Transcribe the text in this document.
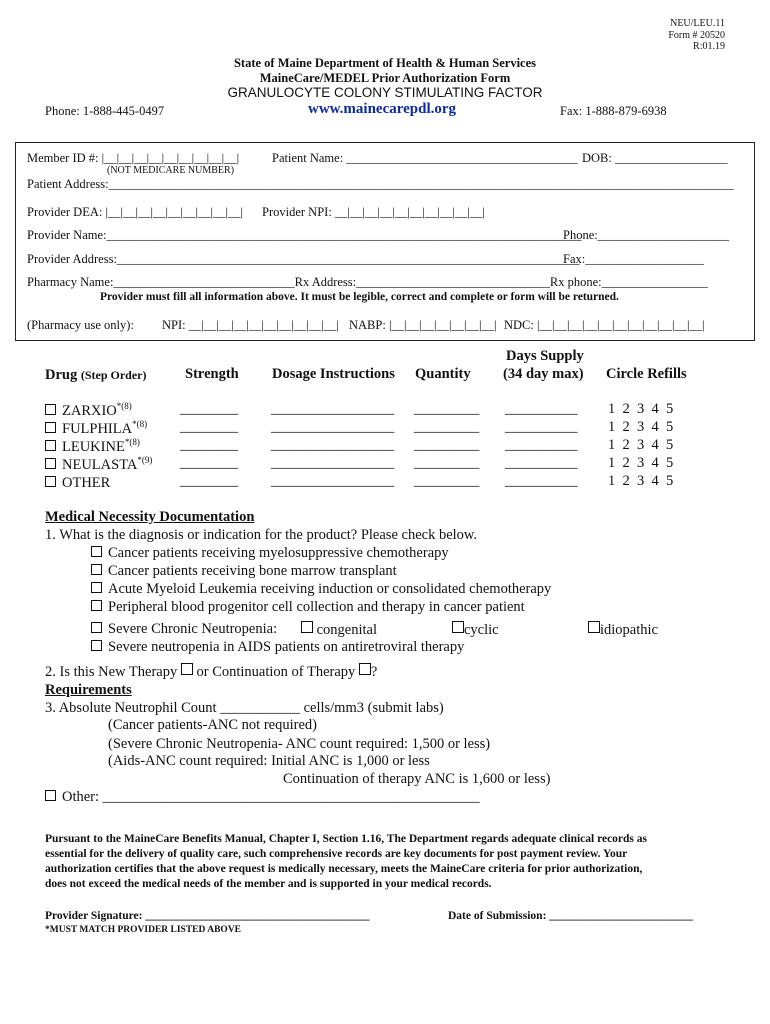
NEU/LEU.11
Form # 20520
R:01.19
State of Maine Department of Health & Human Services
MaineCare/MEDEL Prior Authorization Form
GRANULOCYTE COLONY STIMULATING FACTOR
Phone: 1-888-445-0497	www.mainecarepdl.org	Fax: 1-888-879-6938
Member ID #: |__|__|__|__|__|__|__|__|__|
(NOT MEDICARE NUMBER)
Patient Name: _____________________________________ DOB: __________________
Patient Address:____________________________________________________________________________________________________
Provider DEA: |__|__|__|__|__|__|__|__|__| Provider NPI: __|__|__|__|__|__|__|__|__|__|
Provider Name:____________________________________________________________________________
Phone:_____________________
Provider Address:__________________________________________________________________________
Fax:___________________
Pharmacy Name:_____________________________Rx Address:_______________________________Rx phone:_________________
Provider must fill all information above. It must be legible, correct and complete or form will be returned.
(Pharmacy use only): NPI: __|__|__|__|__|__|__|__|__|__| NABP: |__|__|__|__|__|__|__| NDC: |__|__|__|__|__|__|__|__|__|__|__|
Drug (Step Order)	Strength Dosage Instructions Quantity
Days Supply
(34 day max) Circle Refills
ZARXIO$^{*(8)}$	________ _________________ _________ __________ 1  2  3  4  5
FULPHILA$^{*(8)}$ ________ _________________ _________ __________ 1  2  3  4  5
LEUKINE$^{*(8)}$	________ _________________ _________ __________ 1  2  3  4  5
NEULASTA$^{*(9)}$ ________ _________________ _________ __________ 1  2  3  4  5
OTHER	________ _________________ _________ __________ 1  2  3  4  5
Medical Necessity Documentation
1. What is the diagnosis or indication for the product? Please check below.
Cancer patients receiving myelosuppressive chemotherapy
Cancer patients receiving bone marrow transplant
Acute Myeloid Leukemia receiving induction or consolidated chemotherapy
Peripheral blood progenitor cell collection and therapy in cancer patient
Severe Chronic Neutropenia:	congenital	cyclic	idiopathic
Severe neutropenia in AIDS patients on antiretroviral therapy
2. Is this New Therapy or Continuation of Therapy ?
Requirements
3. Absolute Neutrophil Count ___________ cells/mm3 (submit labs)
(Cancer patients-ANC not required)
(Severe Chronic Neutropenia- ANC count required: 1,500 or less)
(Aids-ANC count required: Initial ANC is 1,000 or less
Continuation of therapy ANC is 1,600 or less)
Other: ____________________________________________________
Pursuant to the MaineCare Benefits Manual, Chapter I, Section 1.16, The Department regards adequate clinical records as
essential for the delivery of quality care, such comprehensive records are key documents for post payment review. Your
authorization certifies that the above request is medically necessary, meets the MaineCare criteria for prior authorization,
does not exceed the medical needs of the member and is supported in your medical records.
Provider Signature: _______________________________________	Date of Submission: _________________________
*MUST MATCH PROVIDER LISTED ABOVE
